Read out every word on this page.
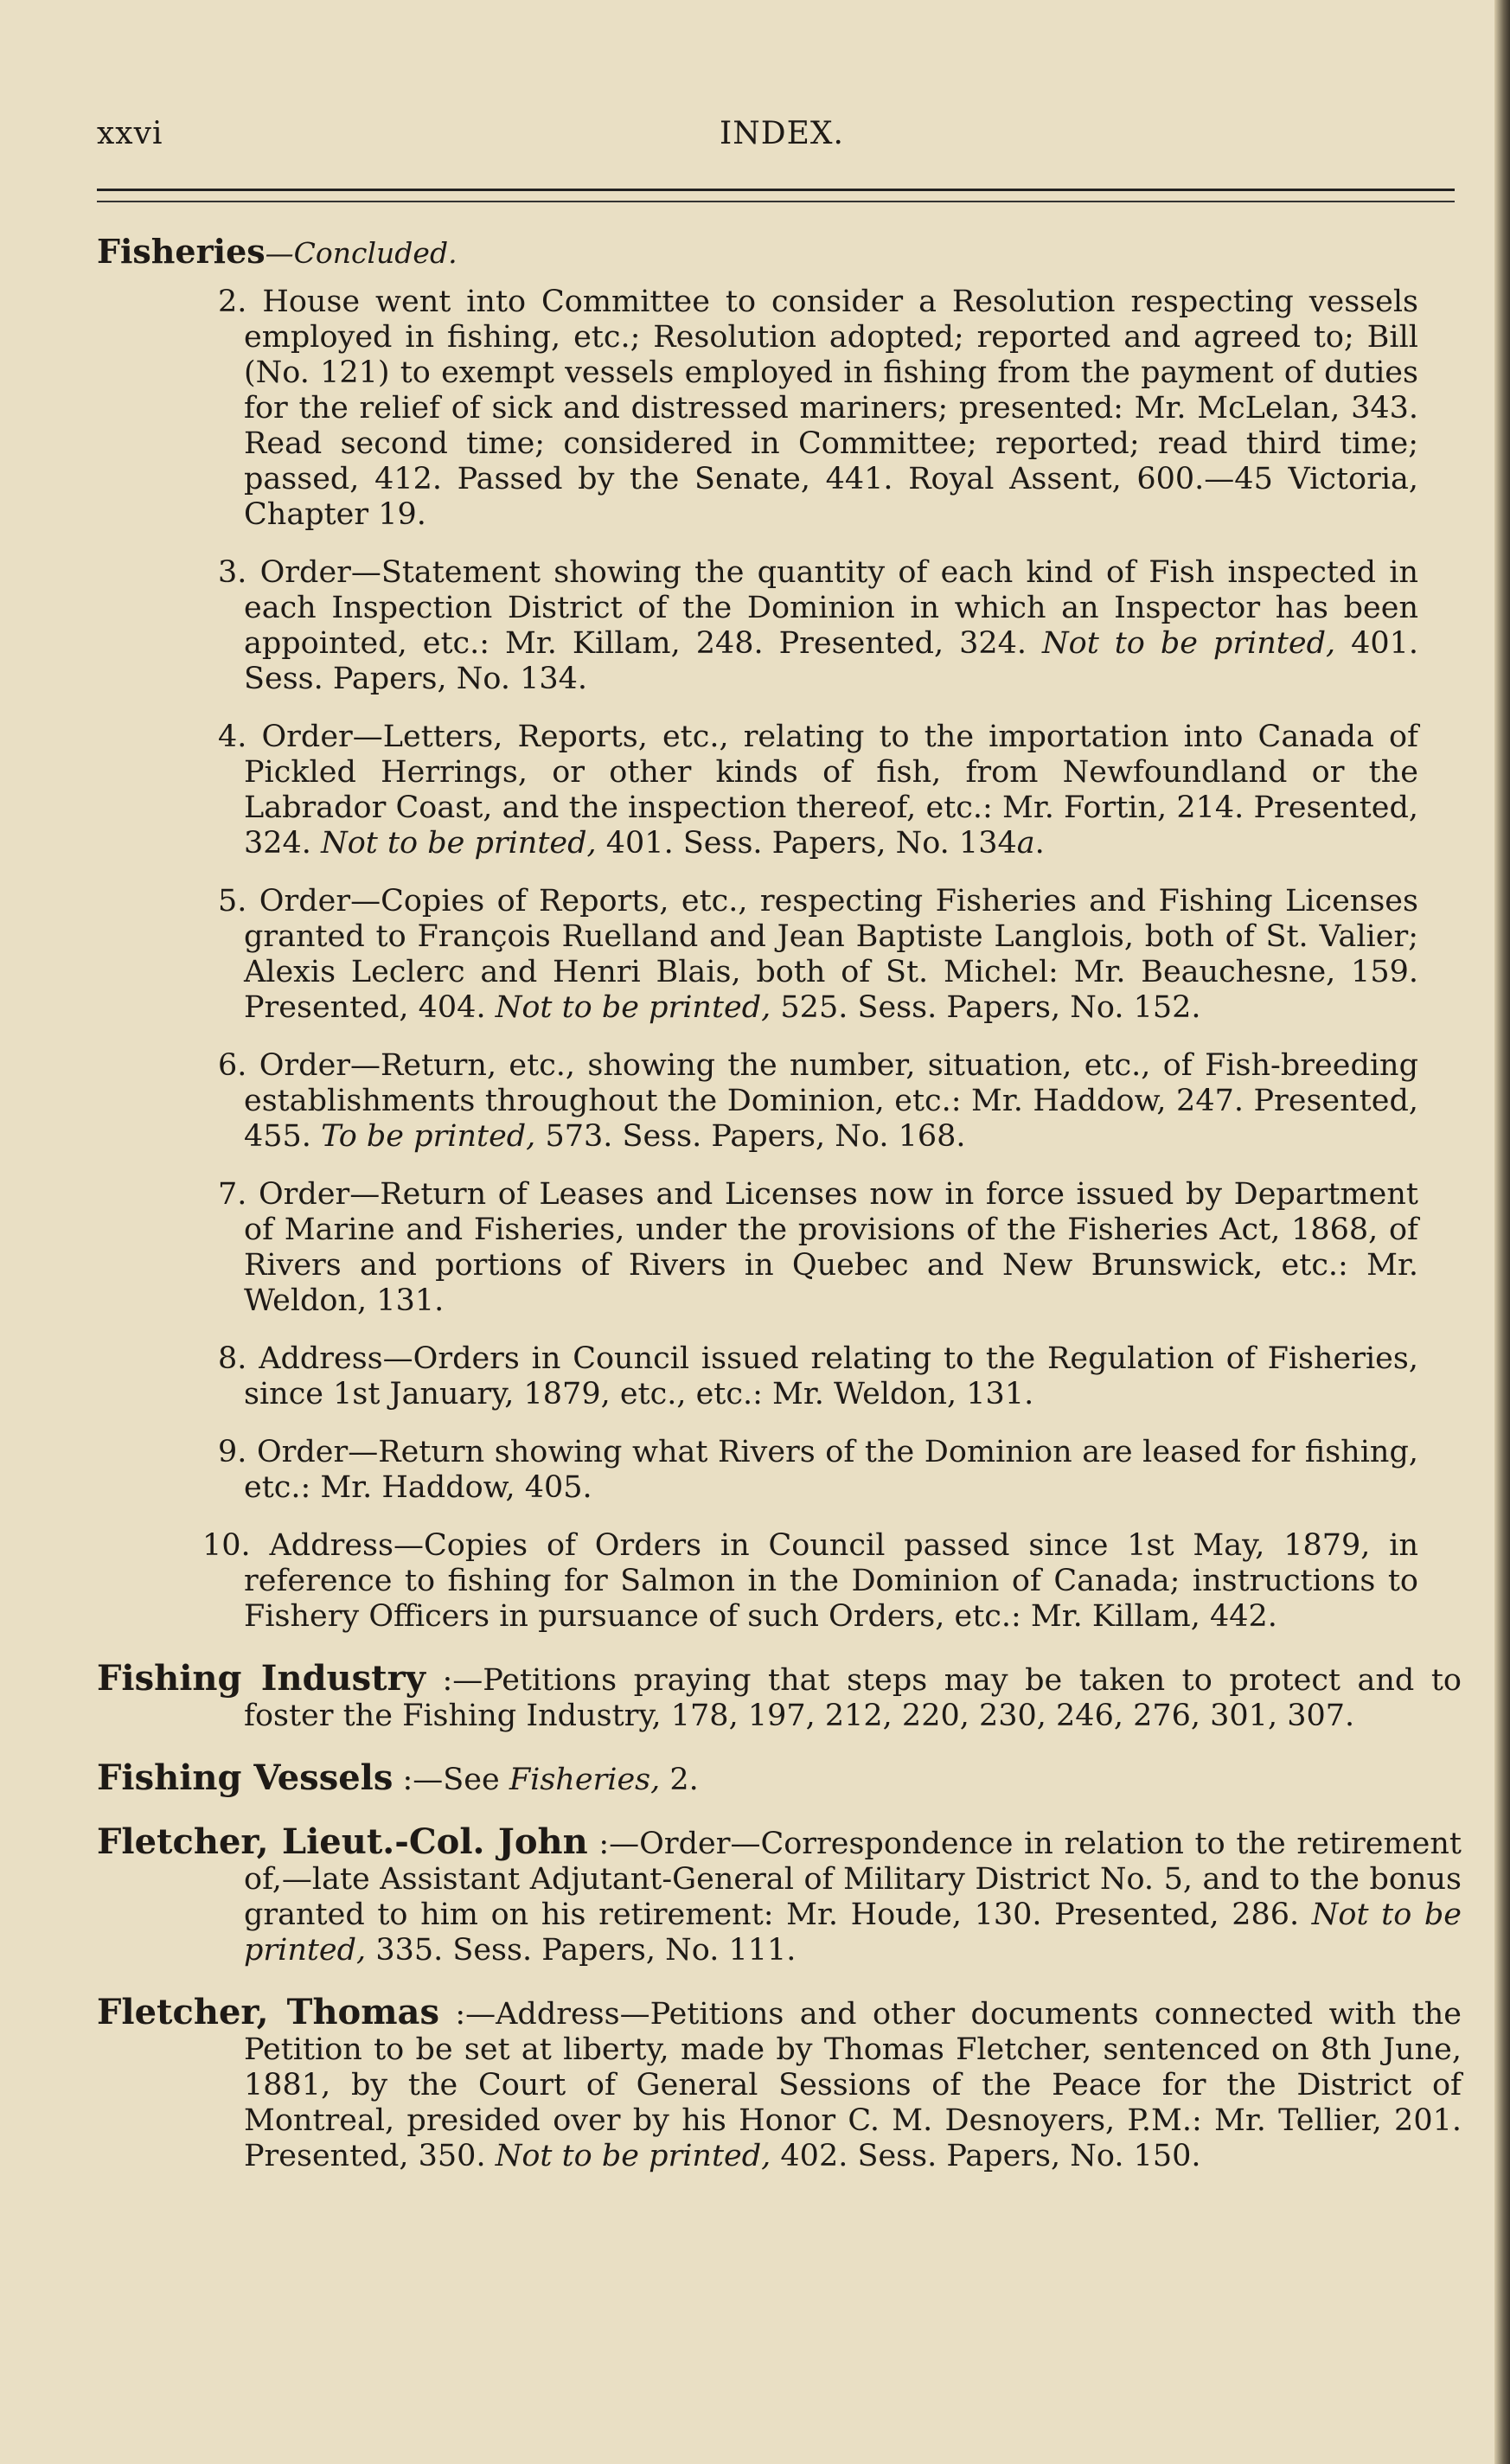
xxvi	INDEX.
Fisheries—Concluded.
2. House went into Committee to consider a Resolution respecting vessels employed in fishing, etc.; Resolution adopted; reported and agreed to; Bill (No. 121) to exempt vessels employed in fishing from the payment of duties for the relief of sick and distressed mariners; presented: Mr. McLelan, 343. Read second time; considered in Committee; reported; read third time; passed, 412. Passed by the Senate, 441. Royal Assent, 600.—45 Victoria, Chapter 19.
3. Order—Statement showing the quantity of each kind of Fish inspected in each Inspection District of the Dominion in which an Inspector has been appointed, etc.: Mr. Killam, 248. Presented, 324. Not to be printed, 401. Sess. Papers, No. 134.
4. Order—Letters, Reports, etc., relating to the importation into Canada of Pickled Herrings, or other kinds of fish, from Newfoundland or the Labrador Coast, and the inspection thereof, etc.: Mr. Fortin, 214. Presented, 324. Not to be printed, 401. Sess. Papers, No. 134a.
5. Order—Copies of Reports, etc., respecting Fisheries and Fishing Licenses granted to François Ruelland and Jean Baptiste Langlois, both of St. Valier; Alexis Leclerc and Henri Blais, both of St. Michel: Mr. Beauchesne, 159. Presented, 404. Not to be printed, 525. Sess. Papers, No. 152.
6. Order—Return, etc., showing the number, situation, etc., of Fish-breeding establishments throughout the Dominion, etc.: Mr. Haddow, 247. Presented, 455. To be printed, 573. Sess. Papers, No. 168.
7. Order—Return of Leases and Licenses now in force issued by Department of Marine and Fisheries, under the provisions of the Fisheries Act, 1868, of Rivers and portions of Rivers in Quebec and New Brunswick, etc.: Mr. Weldon, 131.
8. Address—Orders in Council issued relating to the Regulation of Fisheries, since 1st January, 1879, etc., etc.: Mr. Weldon, 131.
9. Order—Return showing what Rivers of the Dominion are leased for fishing, etc.: Mr. Haddow, 405.
10. Address—Copies of Orders in Council passed since 1st May, 1879, in reference to fishing for Salmon in the Dominion of Canada; instructions to Fishery Officers in pursuance of such Orders, etc.: Mr. Killam, 442.
Fishing Industry :—Petitions praying that steps may be taken to protect and to foster the Fishing Industry, 178, 197, 212, 220, 230, 246, 276, 301, 307.
Fishing Vessels :—See Fisheries, 2.
Fletcher, Lieut.-Col. John :—Order—Correspondence in relation to the retirement of,—late Assistant Adjutant-General of Military District No. 5, and to the bonus granted to him on his retirement: Mr. Houde, 130. Presented, 286. Not to be printed, 335. Sess. Papers, No. 111.
Fletcher, Thomas :—Address—Petitions and other documents connected with the Petition to be set at liberty, made by Thomas Fletcher, sentenced on 8th June, 1881, by the Court of General Sessions of the Peace for the District of Montreal, presided over by his Honor C. M. Desnoyers, P.M.: Mr. Tellier, 201. Presented, 350. Not to be printed, 402. Sess. Papers, No. 150.
